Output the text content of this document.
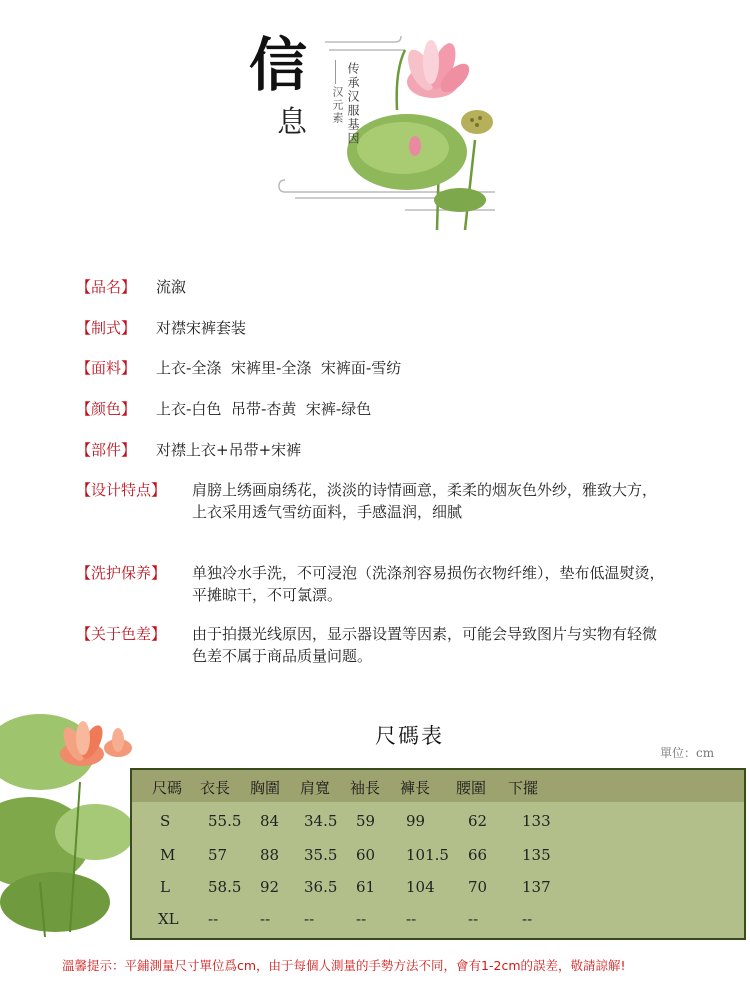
信
息	传承汉服基因
汉元素
【品名】	流溆
【制式】	对襟宋裤套装
【面料】	上衣-全涤  宋裤里-全涤  宋裤面-雪纺
【颜色】	上衣-白色  吊带-杏黄  宋裤-绿色
【部件】	对襟上衣+吊带+宋裤
【设计特点】	肩膀上绣画扇绣花，淡淡的诗情画意，柔柔的烟灰色外纱，雅致大方，上衣采用透气雪纺面料，手感温润，细腻
【洗护保养】	单独冷水手洗，不可浸泡（洗涤剂容易损伤衣物纤维），垫布低温熨烫，平摊晾干，不可氯漂。
【关于色差】	由于拍摄光线原因，显示器设置等因素，可能会导致图片与实物有轻微色差不属于商品质量问题。
尺碼表
單位：cm
尺碼 衣長 胸圍 肩寬 袖長 褲長 腰圍 下擺
S	55.5 84 34.5 59 99	62 133
M 57 88 35.5 60 101.5 66 135
L	58.5 92 36.5 61 104 70 137
XL --	-- --	--	--	--	--
溫馨提示：平鋪測量尺寸單位爲cm，由于每個人測量的手勢方法不同，會有1-2cm的誤差，敬請諒解!
